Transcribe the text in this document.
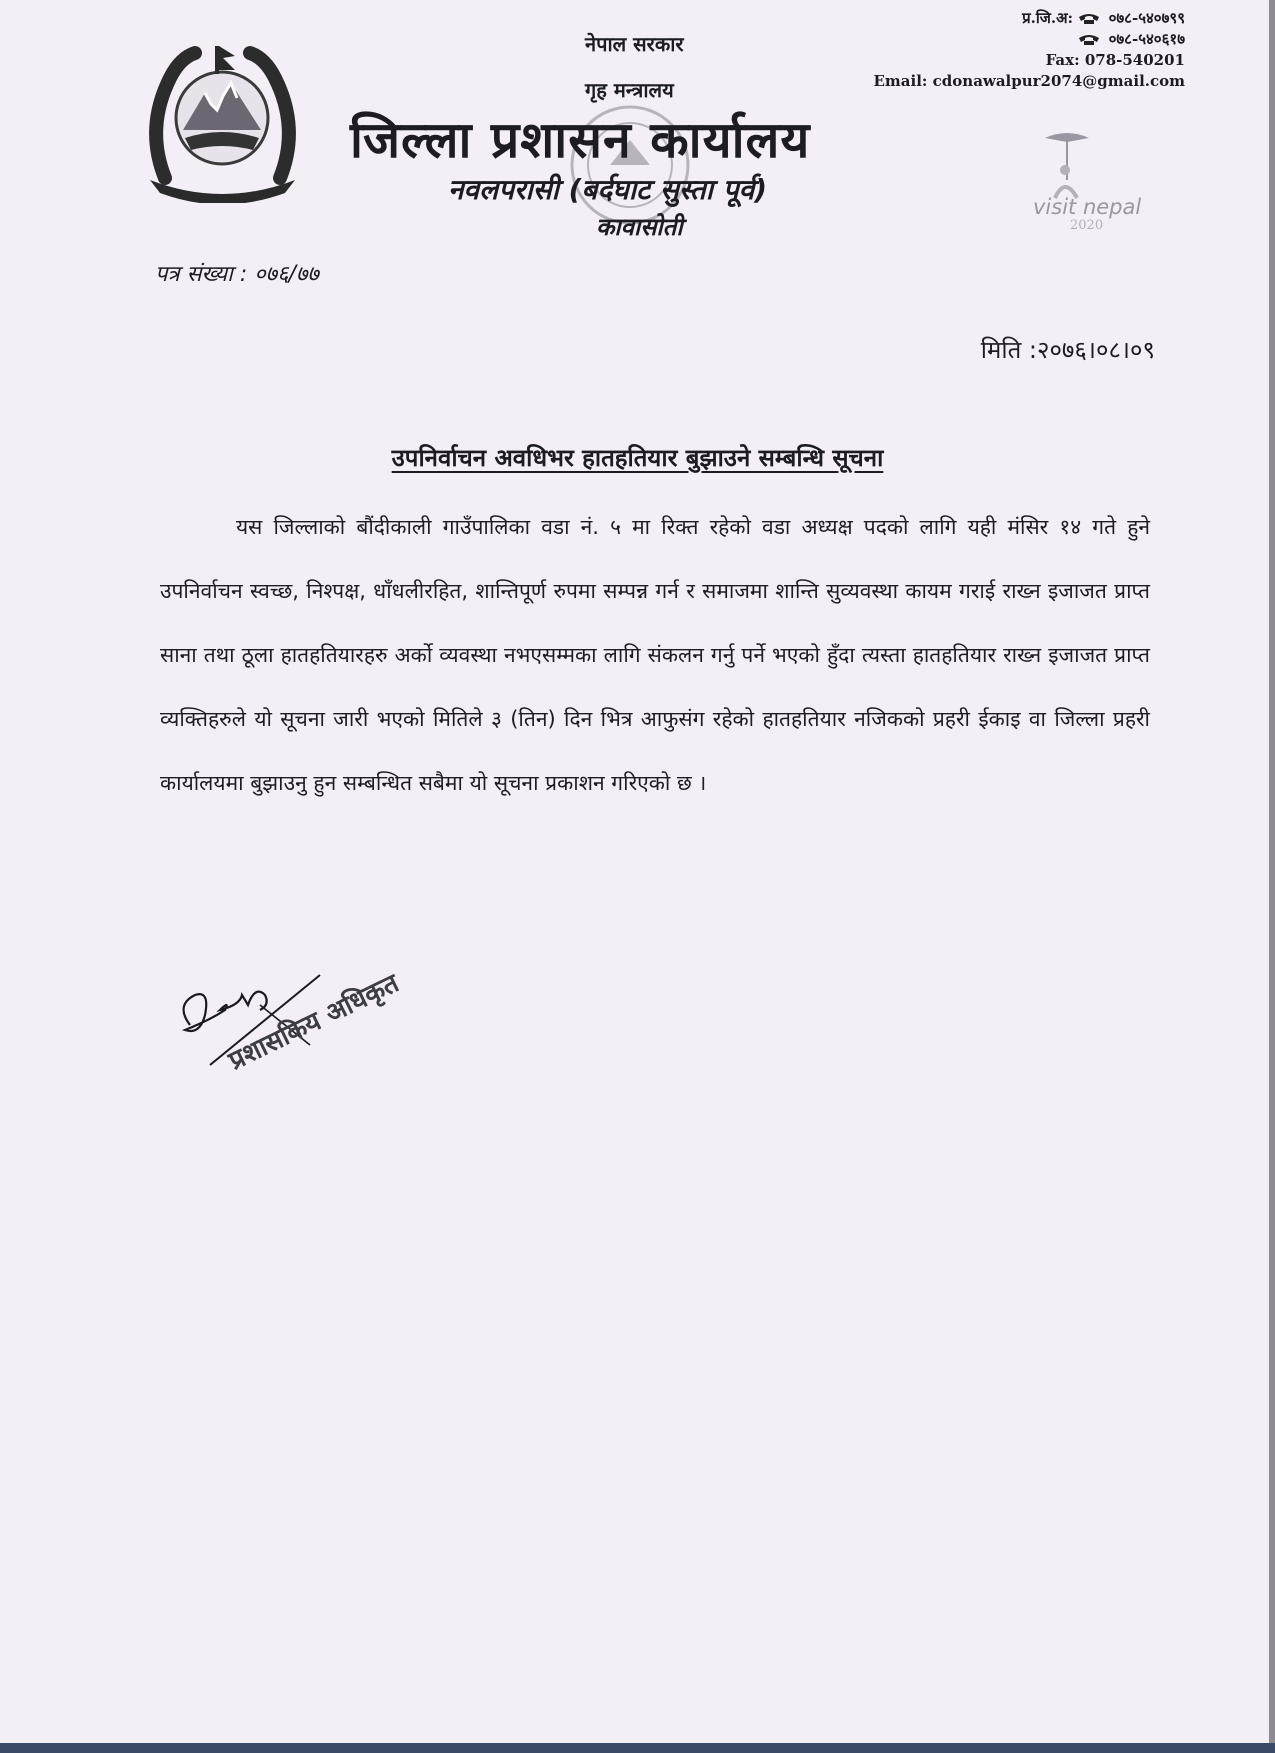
नेपाल सरकार
गृह मन्त्रालय
जिल्ला प्रशासन कार्यालय
नवलपरासी (बर्दघाट सुस्ता पूर्व)
कावासोती
प्र.जि.अ: ०७८-५४०७९९
०७८-५४०६१७
Fax: 078-540201
Email: cdonawalpur2074@gmail.com
visit nepal
2020
पत्र संख्या : ०७६/७७
मिति :२०७६।०८।०९
उपनिर्वाचन अवधिभर हातहतियार बुझाउने सम्बन्धि सूचना
यस जिल्लाको बौंदीकाली गाउँपालिका वडा नं. ५ मा रिक्त रहेको वडा अध्यक्ष पदको लागि यही मंसिर १४ गते हुने उपनिर्वाचन स्वच्छ, निश्पक्ष, धाँधलीरहित, शान्तिपूर्ण रुपमा सम्पन्न गर्न र समाजमा शान्ति सुव्यवस्था कायम गराई राख्न इजाजत प्राप्त साना तथा ठूला हातहतियारहरु अर्को व्यवस्था नभएसम्मका लागि संकलन गर्नु पर्ने भएको हुँदा त्यस्ता हातहतियार राख्न इजाजत प्राप्त व्यक्तिहरुले यो सूचना जारी भएको मितिले ३ (तिन) दिन भित्र आफुसंग रहेको हातहतियार नजिकको प्रहरी ईकाइ वा जिल्ला प्रहरी कार्यालयमा बुझाउनु हुन सम्बन्धित सबैमा यो सूचना प्रकाशन गरिएको छ ।
प्रशासकिय अधिकृत
